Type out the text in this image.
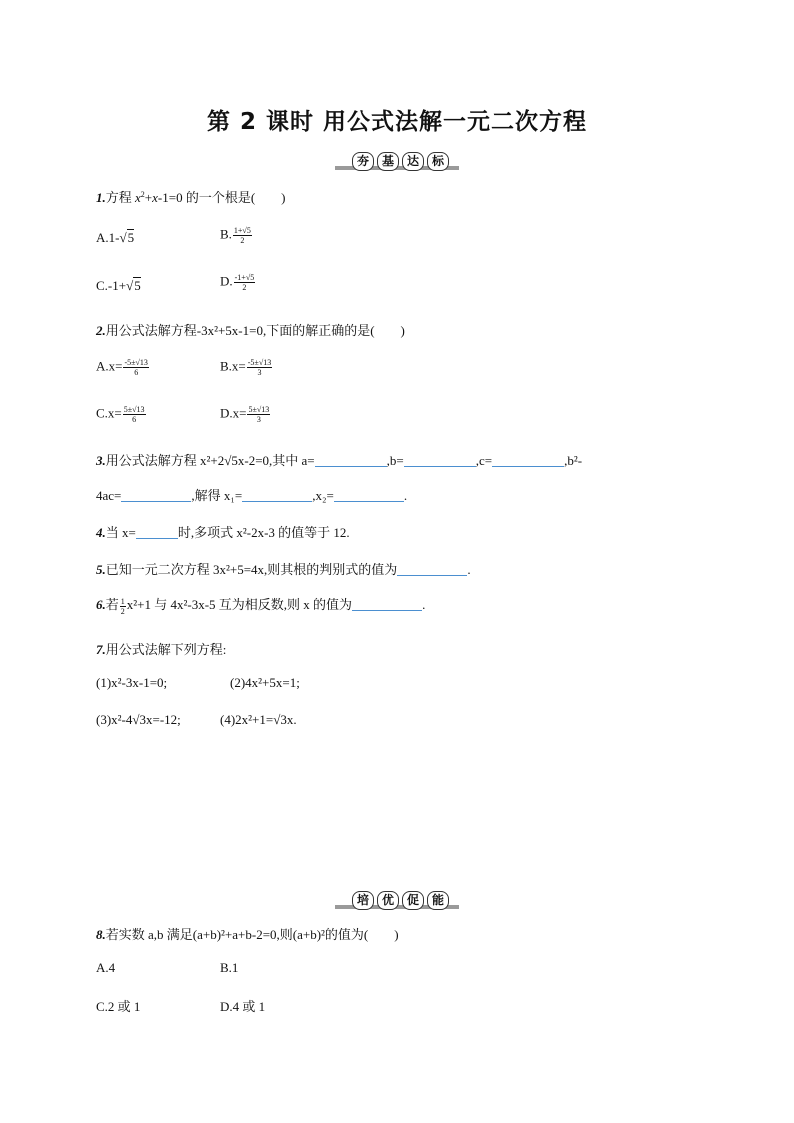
第 2 课时 用公式法解一元二次方程
夯	基	达	标
1.方程 $x^2+x-1=0$ 的一个根是(　　)
A.1-√5	B. $\frac{1+√5}{2}$
C.-1+√5	D. $\frac{-1+√5}{2}$
2.用公式法解方程-3x²+5x-1=0,下面的解正确的是(　　)
$A.x= \frac{-5\pm√13}{6}$	$B.x= \frac{-5\pm√13}{3}$
$C.x= \frac{5\pm√13}{6}$	$D.x= \frac{5\pm√13}{3}$
3.用公式法解方程 x²+2√5x-2=0,其中 a=	,b=	,c=	,b²-
4ac=	,解得 x₁=	,x₂=	.
4.当 x=	时,多项式 x²-2x-3 的值等于 12.
5.已知一元二次方程 3x²+5=4x,则其根的判别式的值为	.
6.若 $\frac{1}{2} x^2+1$ 与 4x²-3x-5 互为相反数,则 x 的值为	.
7.用公式法解下列方程:
(1)x²-3x-1=0;	(2)4x²+5x=1;
(3)x²-4√3x=-12;	(4)2x²+1=√3x.
培	优	促	能
8.若实数 a,b 满足(a+b)²+a+b-2=0,则(a+b)²的值为(　　)
A.4	B.1
C.2 或 1	D.4 或 1
